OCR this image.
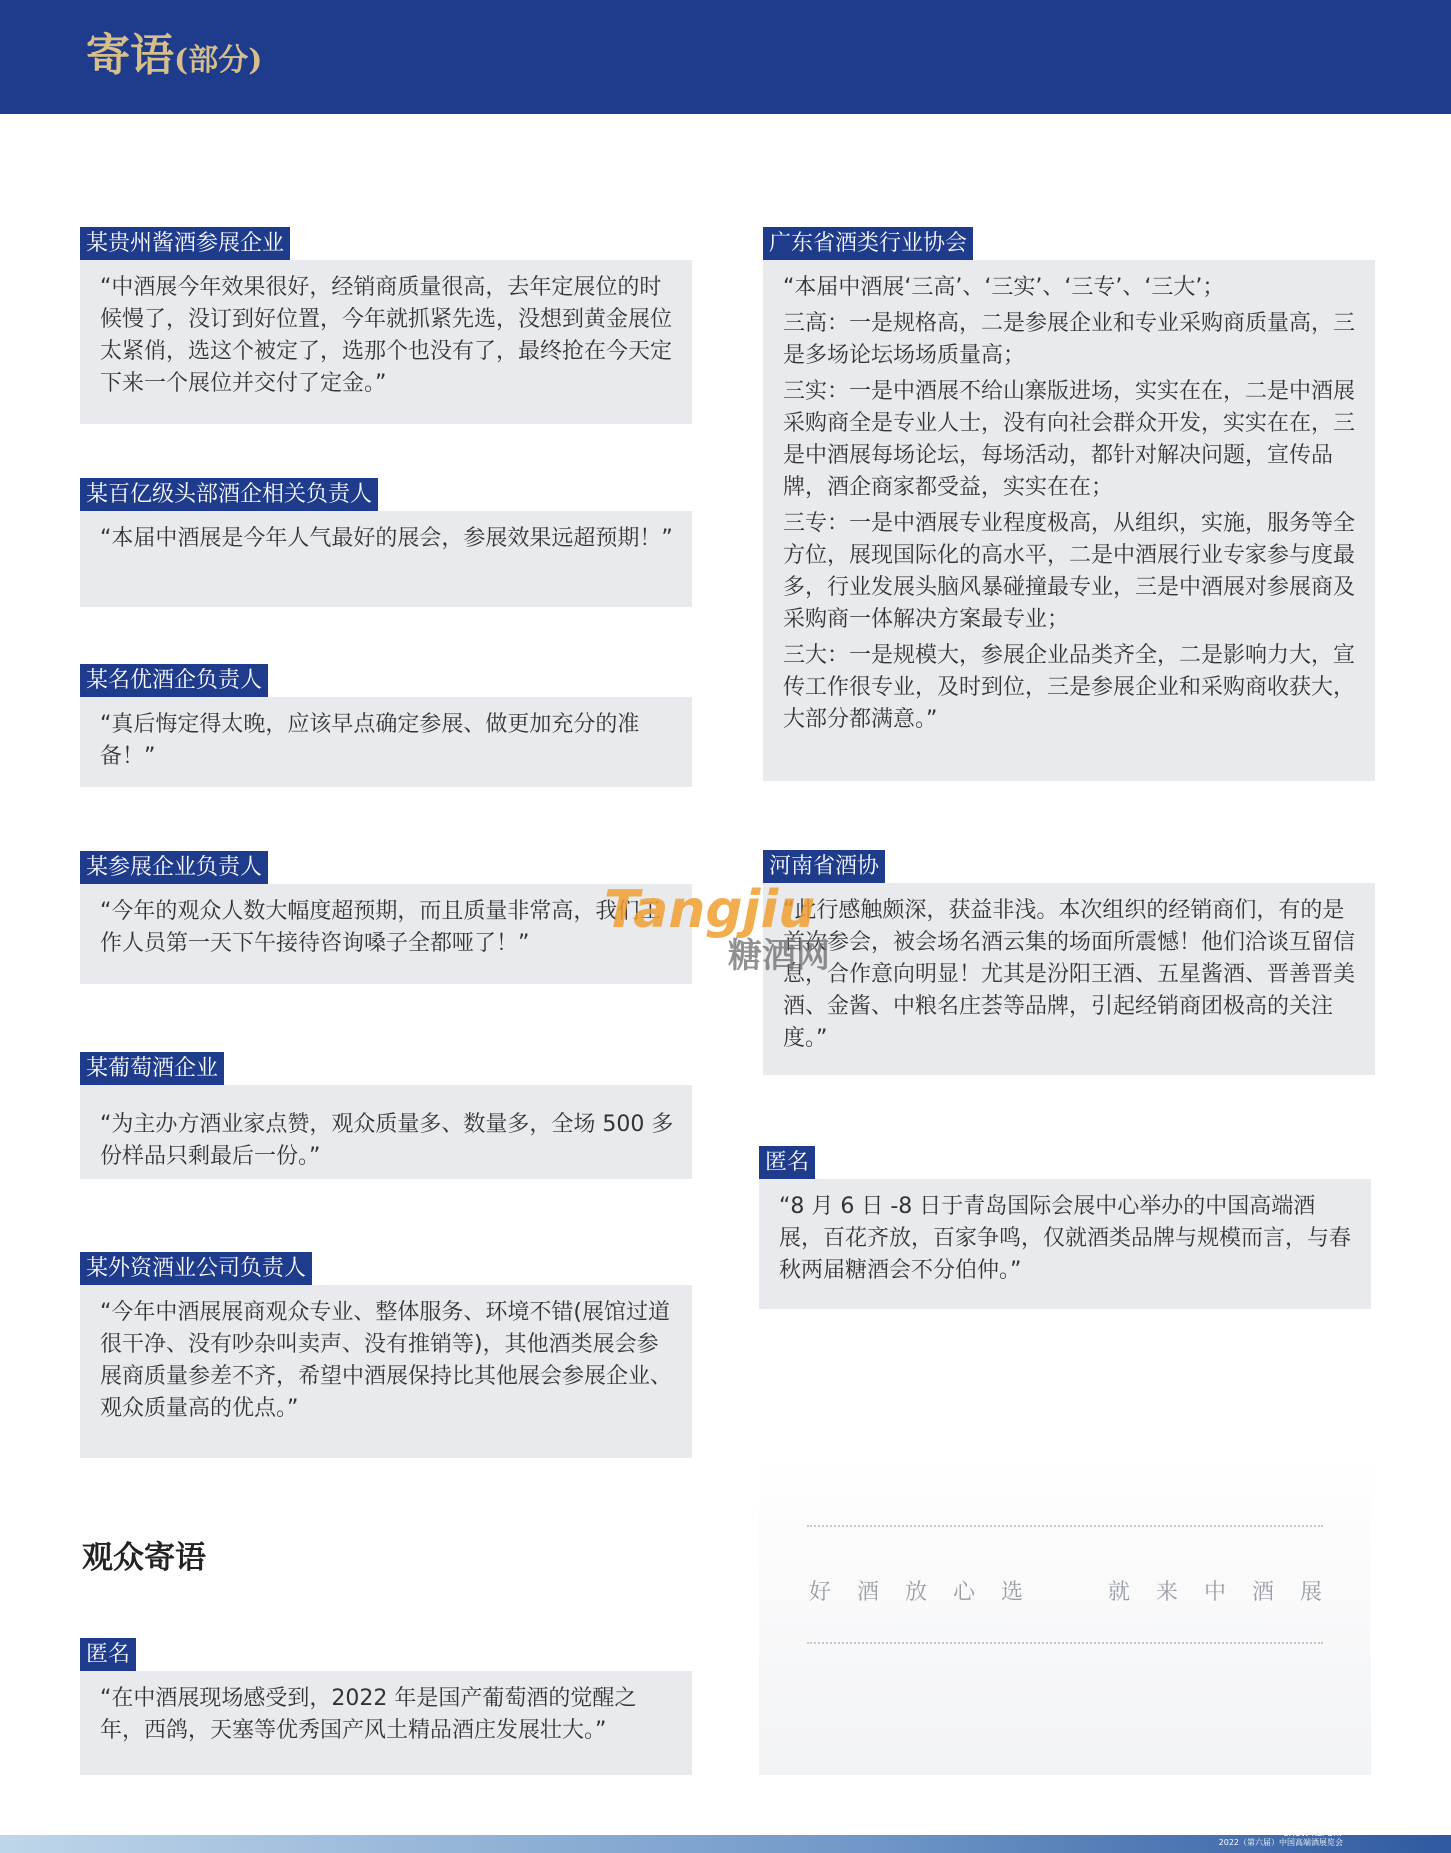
寄语(部分)
某贵州酱酒参展企业

“中酒展今年效果很好，经销商质量很高，去年定展位的时候慢了，没订到好位置，今年就抓紧先选，没想到黄金展位太紧俏，选这个被定了，选那个也没有了，最终抢在今天定下来一个展位并交付了定金。”

某百亿级头部酒企相关负责人

“本届中酒展是今年人气最好的展会，参展效果远超预期！”

某名优酒企负责人

“真后悔定得太晚，应该早点确定参展、做更加充分的准备！”

某参展企业负责人

“今年的观众人数大幅度超预期，而且质量非常高，我们工作人员第一天下午接待咨询嗓子全都哑了！”

某葡萄酒企业

“为主办方酒业家点赞，观众质量多、数量多，全场 500 多份样品只剩最后一份。”

某外资酒业公司负责人

“今年中酒展展商观众专业、整体服务、环境不错(展馆过道很干净、没有吵杂叫卖声、没有推销等)，其他酒类展会参展商质量参差不齐，希望中酒展保持比其他展会参展企业、观众质量高的优点。”

观众寄语
匿名

“在中酒展现场感受到，2022 年是国产葡萄酒的觉醒之年，西鸽，天塞等优秀国产风土精品酒庄发展壮大。”

广东省酒类行业协会

“本届中酒展‘三高’、‘三实’、‘三专’、‘三大’；

三高：一是规格高，二是参展企业和专业采购商质量高，三是多场论坛场场质量高；

三实：一是中酒展不给山寨版进场，实实在在，二是中酒展采购商全是专业人士，没有向社会群众开发，实实在在，三是中酒展每场论坛，每场活动，都针对解决问题，宣传品牌，酒企商家都受益，实实在在；

三专：一是中酒展专业程度极高，从组织，实施，服务等全方位，展现国际化的高水平，二是中酒展行业专家参与度最多，行业发展头脑风暴碰撞最专业，三是中酒展对参展商及采购商一体解决方案最专业；

三大：一是规模大，参展企业品类齐全，二是影响力大，宣传工作很专业，及时到位，三是参展企业和采购商收获大，大部分都满意。”

河南省酒协

“此行感触颇深，获益非浅。本次组织的经销商们，有的是首次参会，被会场名酒云集的场面所震憾！他们洽谈互留信息，合作意向明显！尤其是汾阳王酒、五星酱酒、晋善晋美酒、金酱、中粮名庄荟等品牌，引起经销商团极高的关注度。”

匿名

“8 月 6 日 -8 日于青岛国际会展中心举办的中国高端酒展，百花齐放，百家争鸣，仅就酒类品牌与规模而言，与春秋两届糖酒会不分伯仲。”

好酒放心选	就来中酒展
Tangjiu
糖酒网
SHOW REPORT
2022（第六届）中国高端酒展览会
